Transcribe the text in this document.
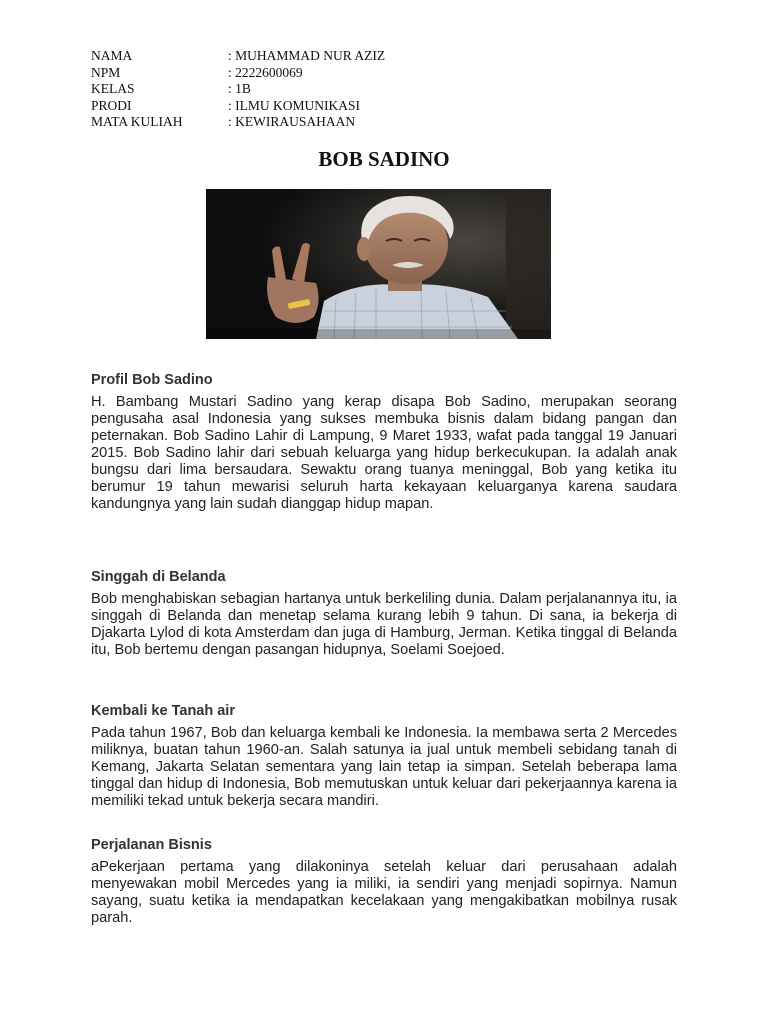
NAMA	: MUHAMMAD NUR AZIZ
NPM	: 2222600069
KELAS	: 1B
PRODI	: ILMU KOMUNIKASI
MATA KULIAH	: KEWIRAUSAHAAN
BOB SADINO
Profil Bob Sadino

H. Bambang Mustari Sadino yang kerap disapa Bob Sadino, merupakan seorang pengusaha asal Indonesia yang sukses membuka bisnis dalam bidang pangan dan peternakan. Bob Sadino Lahir di Lampung, 9 Maret 1933, wafat pada tanggal 19 Januari 2015. Bob Sadino lahir dari sebuah keluarga yang hidup berkecukupan. Ia adalah anak bungsu dari lima bersaudara. Sewaktu orang tuanya meninggal, Bob yang ketika itu berumur 19 tahun mewarisi seluruh harta kekayaan keluarganya karena saudara kandungnya yang lain sudah dianggap hidup mapan.

Singgah di Belanda

Bob menghabiskan sebagian hartanya untuk berkeliling dunia. Dalam perjalanannya itu, ia singgah di Belanda dan menetap selama kurang lebih 9 tahun. Di sana, ia bekerja di Djakarta Lylod di kota Amsterdam dan juga di Hamburg, Jerman. Ketika tinggal di Belanda itu, Bob bertemu dengan pasangan hidupnya, Soelami Soejoed.

Kembali ke Tanah air

Pada tahun 1967, Bob dan keluarga kembali ke Indonesia. Ia membawa serta 2 Mercedes miliknya, buatan tahun 1960-an. Salah satunya ia jual untuk membeli sebidang tanah di Kemang, Jakarta Selatan sementara yang lain tetap ia simpan. Setelah beberapa lama tinggal dan hidup di Indonesia, Bob memutuskan untuk keluar dari pekerjaannya karena ia memiliki tekad untuk bekerja secara mandiri.

Perjalanan Bisnis

aPekerjaan pertama yang dilakoninya setelah keluar dari perusahaan adalah menyewakan mobil Mercedes yang ia miliki, ia sendiri yang menjadi sopirnya. Namun sayang, suatu ketika ia mendapatkan kecelakaan yang mengakibatkan mobilnya rusak parah.
